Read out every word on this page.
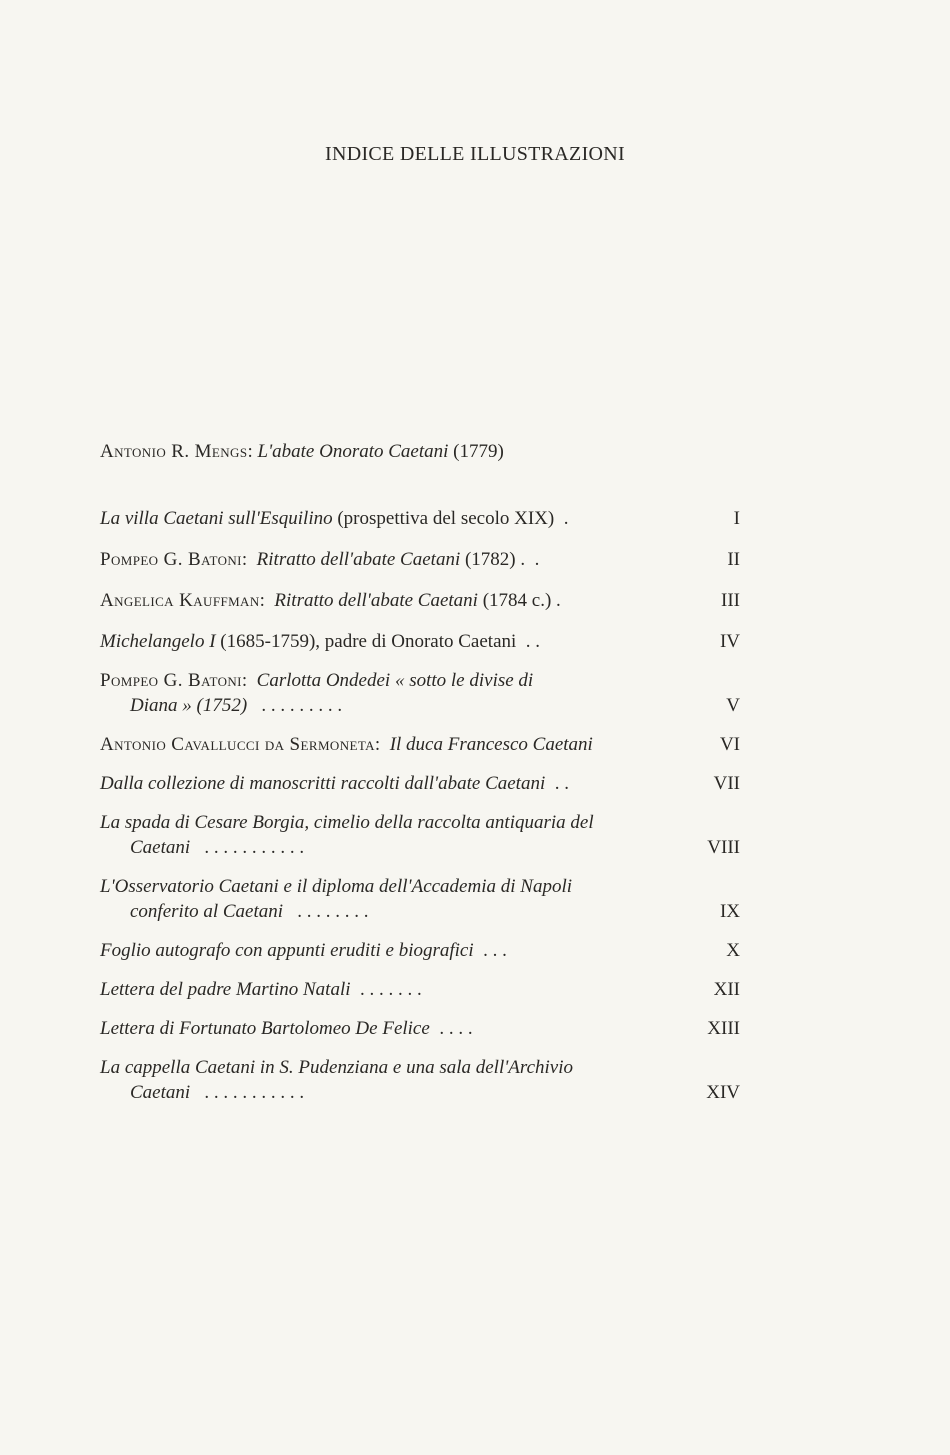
INDICE DELLE ILLUSTRAZIONI
Antonio R. Mengs: L'abate Onorato Caetani (1779)
La villa Caetani sull'Esquilino (prospettiva del secolo XIX) .	I
Pompeo G. Batoni:  Ritratto dell'abate Caetani (1782) . .	II
Angelica Kauffman:  Ritratto dell'abate Caetani (1784 c.) .	III
Michelangelo I (1685-1759), padre di Onorato Caetani . .	IV
Pompeo G. Batoni:  Carlotta Ondedei « sotto le divise di
Diana » (1752) . . . . . . . . .	V
Antonio Cavallucci da Sermoneta:  Il duca Francesco Caetani	VI
Dalla collezione di manoscritti raccolti dall'abate Caetani . .	VII
La spada di Cesare Borgia, cimelio della raccolta antiquaria del
Caetani . . . . . . . . . . .	VIII
L'Osservatorio Caetani e il diploma dell'Accademia di Napoli
conferito al Caetani . . . . . . . .	IX
Foglio autografo con appunti eruditi e biografici . . .	X
Lettera del padre Martino Natali . . . . . . .	XII
Lettera di Fortunato Bartolomeo De Felice . . . .	XIII
La cappella Caetani in S. Pudenziana e una sala dell'Archivio
Caetani . . . . . . . . . . .	XIV
